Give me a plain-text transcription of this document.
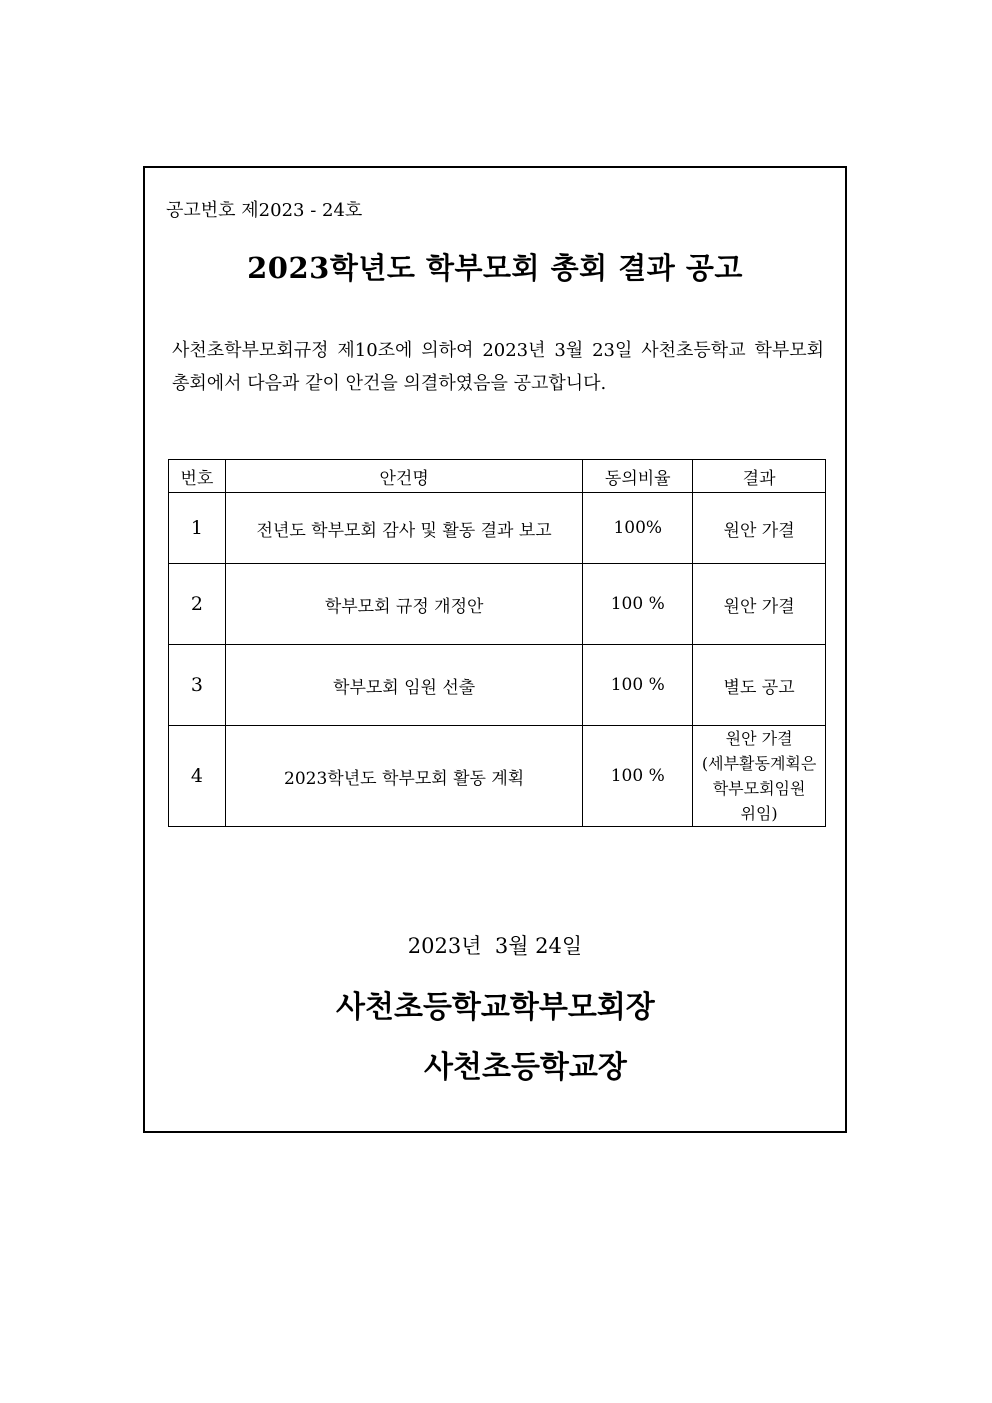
공고번호 제2023 - 24호
2023학년도 학부모회 총회 결과 공고
사천초학부모회규정 제10조에 의하여 2023년 3월 23일 사천초등학교 학부모회 총회에서 다음과 같이 안건을 의결하였음을 공고합니다.
번호	안건명	동의비율	결과
1	전년도 학부모회 감사 및 활동 결과 보고	100%	원안 가결
2	학부모회 규정 개정안	100 %	원안 가결
3	학부모회 임원 선출	100 %	별도 공고
4	2023학년도 학부모회 활동 계획	100 %	원안 가결
(세부활동계획은
학부모회임원
위임)
2023년  3월 24일
사천초등학교학부모회장
사천초등학교장
